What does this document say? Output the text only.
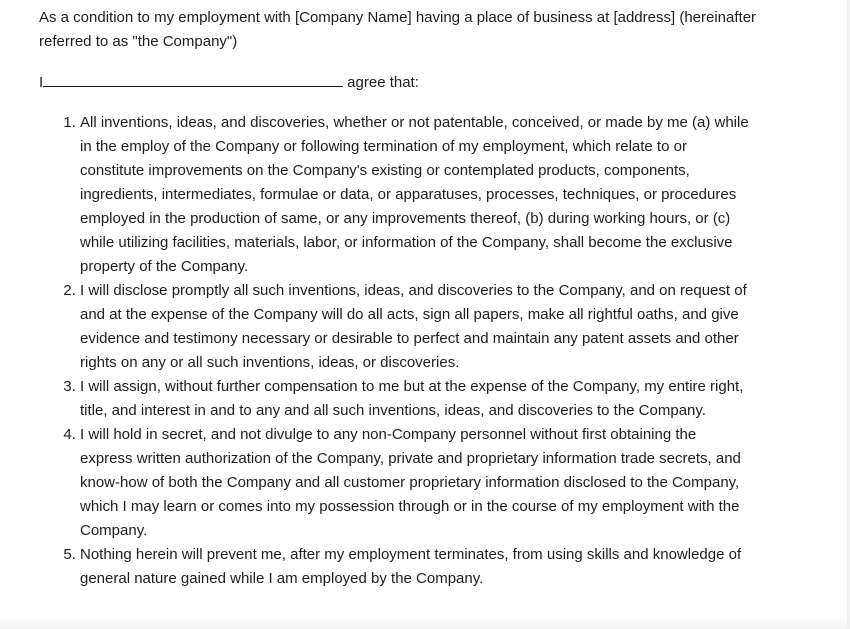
As a condition to my employment with [Company Name] having a place of business at [address] (hereinafter referred to as "the Company")

I	agree that:

1. All inventions, ideas, and discoveries, whether or not patentable, conceived, or made by me (a) while in the employ of the Company or following termination of my employment, which relate to or constitute improvements on the Company's existing or contemplated products, components, ingredients, intermediates, formulae or data, or apparatuses, processes, techniques, or procedures employed in the production of same, or any improvements thereof, (b) during working hours, or (c) while utilizing facilities, materials, labor, or information of the Company, shall become the exclusive property of the Company.
2. I will disclose promptly all such inventions, ideas, and discoveries to the Company, and on request of and at the expense of the Company will do all acts, sign all papers, make all rightful oaths, and give evidence and testimony necessary or desirable to perfect and maintain any patent assets and other rights on any or all such inventions, ideas, or discoveries.
3. I will assign, without further compensation to me but at the expense of the Company, my entire right, title, and interest in and to any and all such inventions, ideas, and discoveries to the Company.
4. I will hold in secret, and not divulge to any non-Company personnel without first obtaining the express written authorization of the Company, private and proprietary information trade secrets, and know-how of both the Company and all customer proprietary information disclosed to the Company, which I may learn or comes into my possession through or in the course of my employment with the Company.
5. Nothing herein will prevent me, after my employment terminates, from using skills and knowledge of general nature gained while I am employed by the Company.
